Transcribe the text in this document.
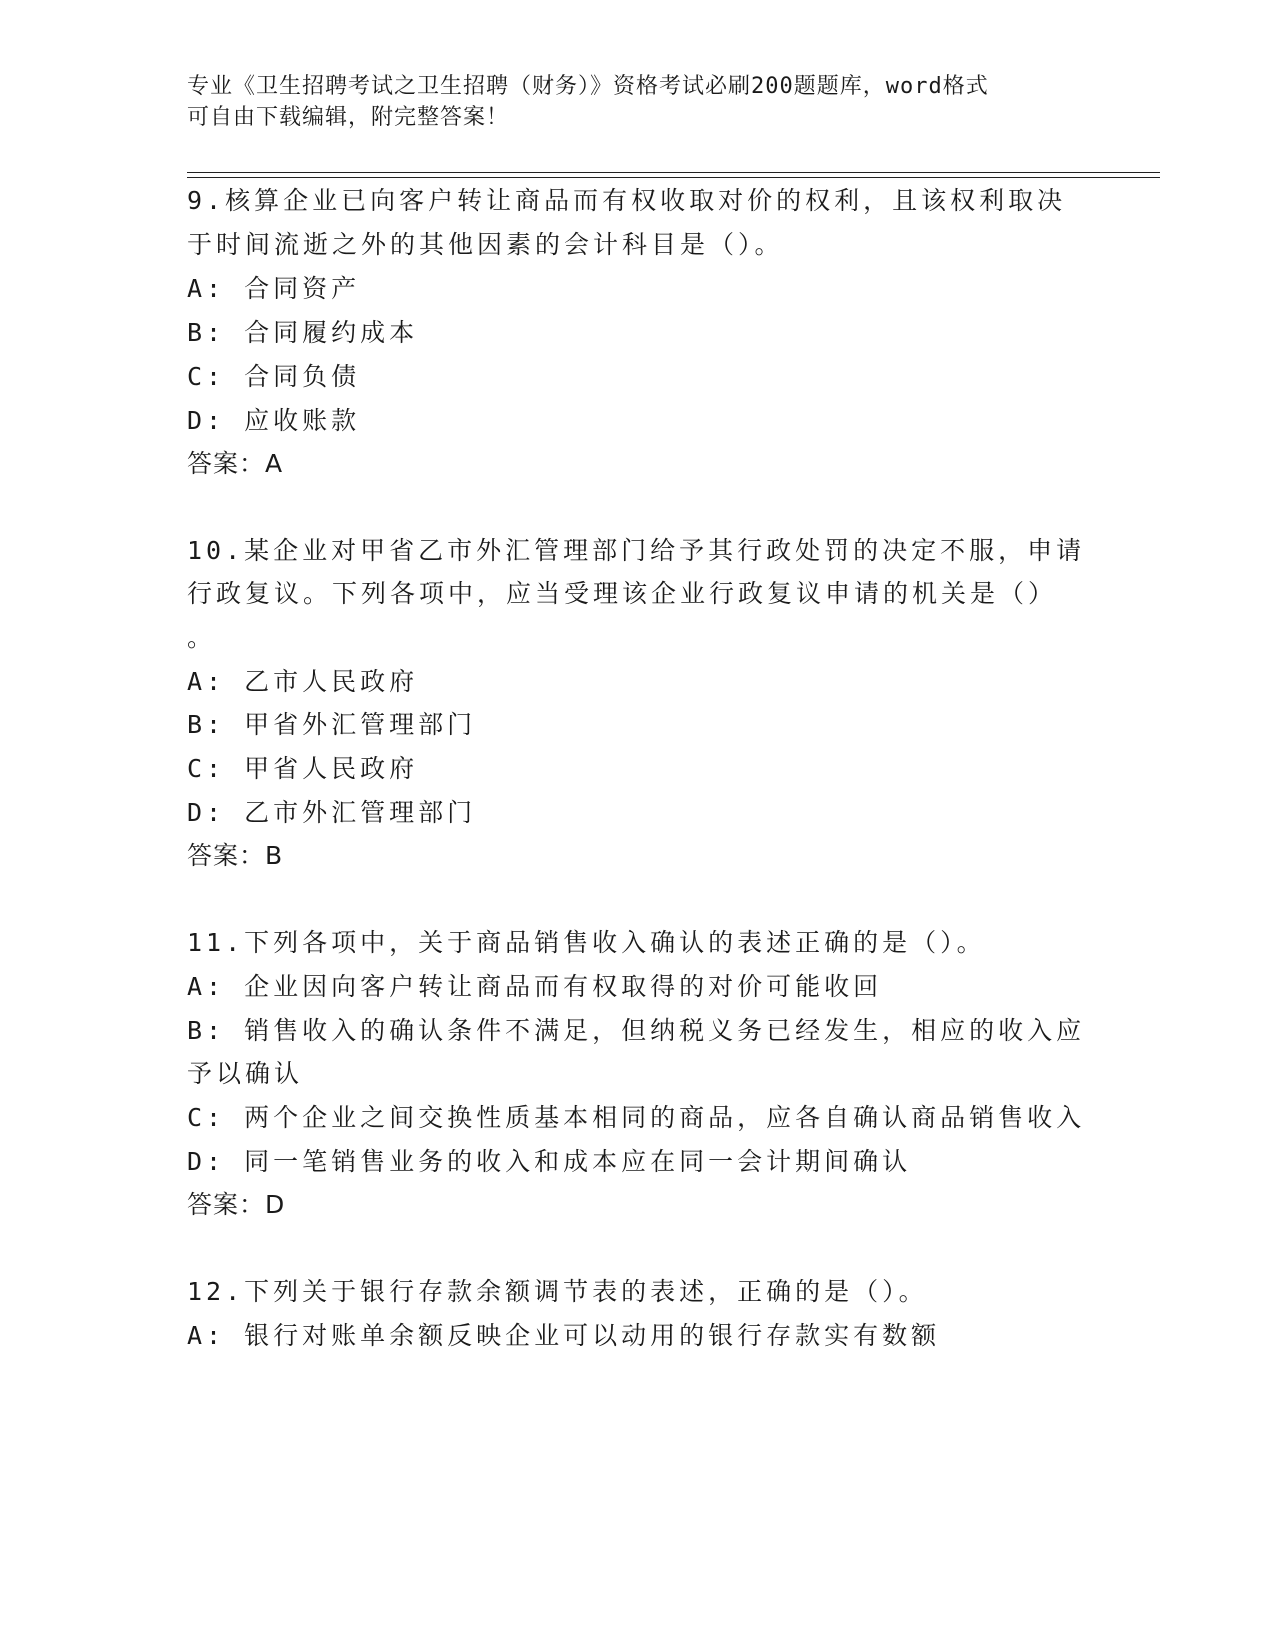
专业《卫生招聘考试之卫生招聘（财务）》资格考试必刷200题题库，word格式
可自由下载编辑，附完整答案！
9.核算企业已向客户转让商品而有权收取对价的权利，且该权利取决
于时间流逝之外的其他因素的会计科目是（）。
A: 合同资产
B: 合同履约成本
C: 合同负债
D: 应收账款
答案：A
10.某企业对甲省乙市外汇管理部门给予其行政处罚的决定不服，申请
行政复议。下列各项中，应当受理该企业行政复议申请的机关是（）
。
A: 乙市人民政府
B: 甲省外汇管理部门
C: 甲省人民政府
D: 乙市外汇管理部门
答案：B
11.下列各项中，关于商品销售收入确认的表述正确的是（）。
A: 企业因向客户转让商品而有权取得的对价可能收回
B: 销售收入的确认条件不满足，但纳税义务已经发生，相应的收入应
予以确认
C: 两个企业之间交换性质基本相同的商品，应各自确认商品销售收入
D: 同一笔销售业务的收入和成本应在同一会计期间确认
答案：D
12.下列关于银行存款余额调节表的表述，正确的是（）。
A: 银行对账单余额反映企业可以动用的银行存款实有数额
